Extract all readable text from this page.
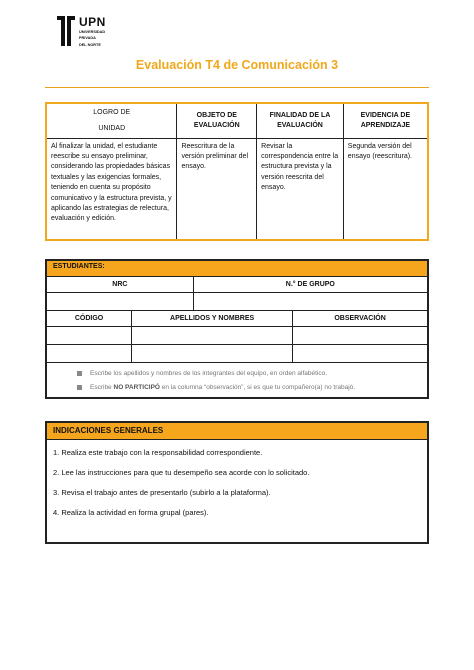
UPN
UNIVERSIDAD
PRIVADA
DEL NORTE
Evaluación T4 de Comunicación 3
LOGRO DE
UNIDAD	OBJETO DE EVALUACIÓN	FINALIDAD DE LA EVALUACIÓN	EVIDENCIA DE APRENDIZAJE
Al finalizar la unidad, el estudiante reescribe su ensayo preliminar, considerando las propiedades básicas textuales y las exigencias formales, teniendo en cuenta su propósito comunicativo y la estructura prevista, y aplicando las estrategias de relectura, evaluación y edición.	Reescritura de la versión preliminar del ensayo.	Revisar la correspondencia entre la estructura prevista y la versión reescrita del ensayo.	Segunda versión del ensayo (reescritura).
ESTUDIANTES:			
NRC		N.° DE GRUPO	

CÓDIGO	APELLIDOS Y NOMBRES		OBSERVACIÓN

Escribe los apellidos y nombres de los integrantes del equipo, en orden alfabético.			
Escribe NO PARTICIPÓ en la columna “observación”, si es que tu compañero(a) no trabajó.			
INDICACIONES GENERALES

1. Realiza este trabajo con la responsabilidad correspondiente.

2. Lee las instrucciones para que tu desempeño sea acorde con lo solicitado.

3. Revisa el trabajo antes de presentarlo (subirlo a la plataforma).

4. Realiza la actividad en forma grupal (pares).
